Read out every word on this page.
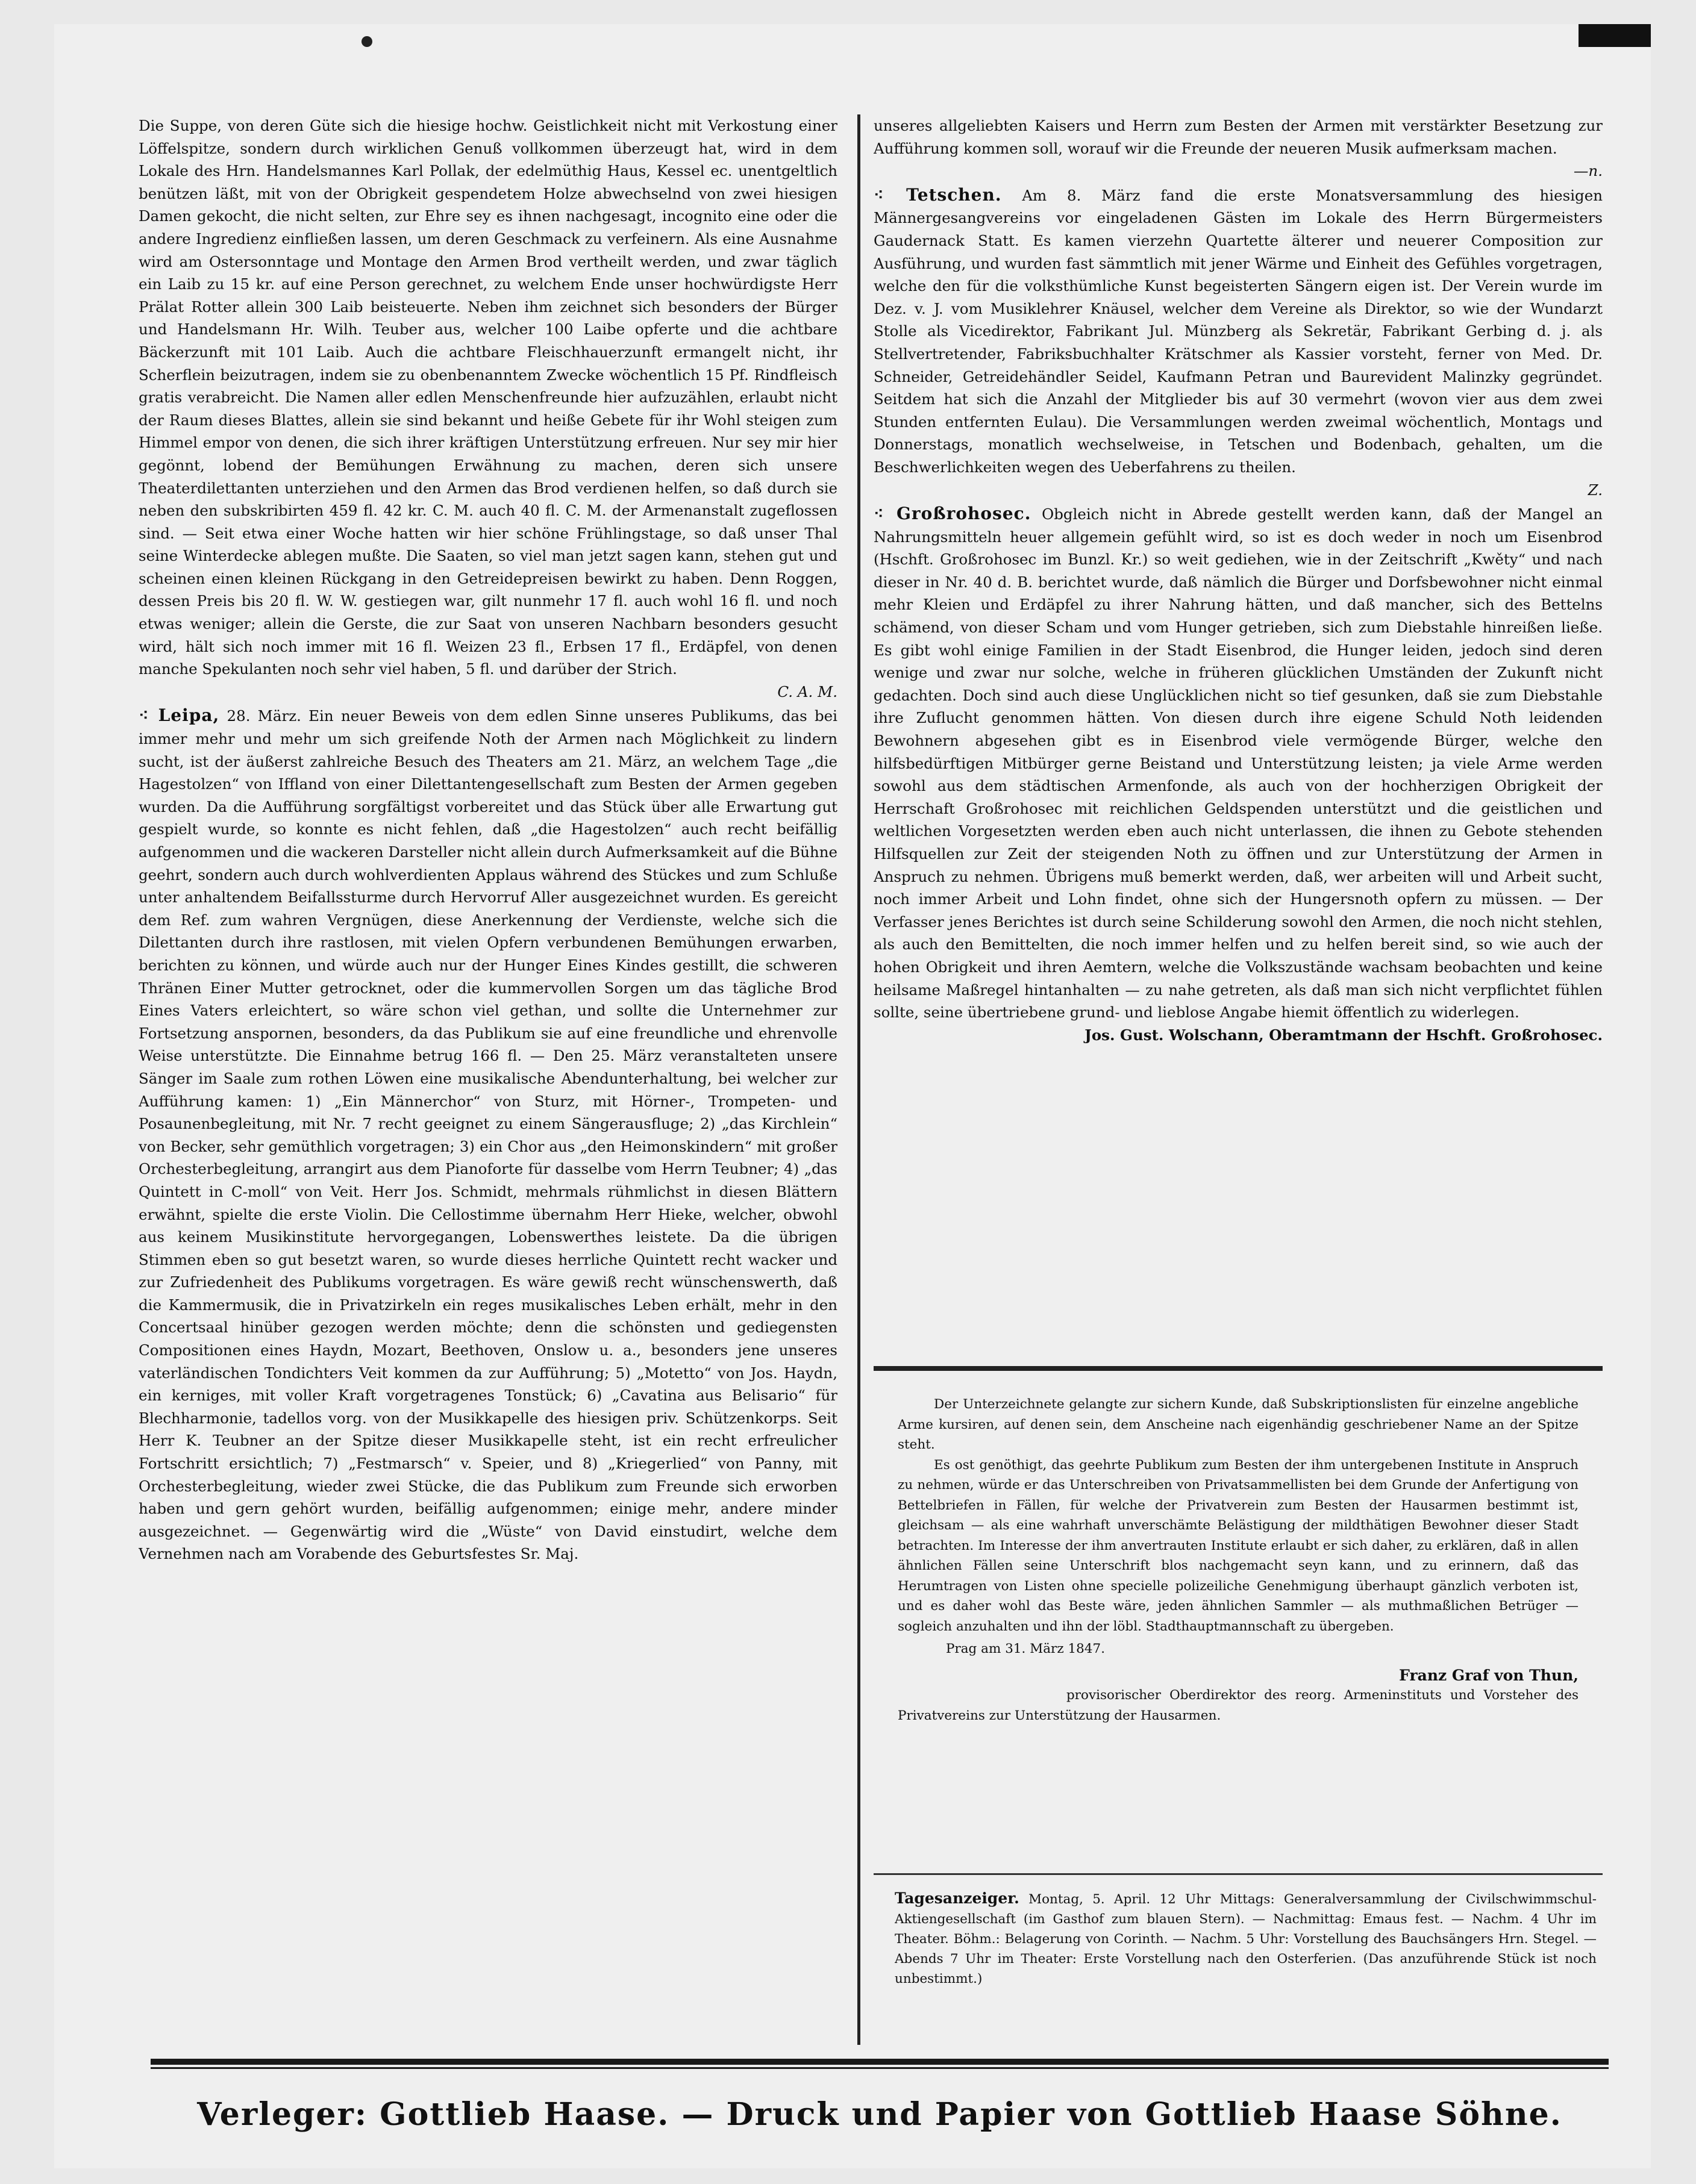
Die Suppe, von deren Güte sich die hiesige hochw. Geistlichkeit nicht mit Verkostung einer Löffelspitze, sondern durch wirklichen Genuß vollkommen überzeugt hat, wird in dem Lokale des Hrn. Handelsmannes Karl Pollak, der edelmüthig Haus, Kessel ec. unentgeltlich benützen läßt, mit von der Obrigkeit gespendetem Holze abwechselnd von zwei hiesigen Damen gekocht, die nicht selten, zur Ehre sey es ihnen nachgesagt, incognito eine oder die andere Ingredienz einfließen lassen, um deren Geschmack zu verfeinern. Als eine Ausnahme wird am Ostersonntage und Montage den Armen Brod vertheilt werden, und zwar täglich ein Laib zu 15 kr. auf eine Person gerechnet, zu welchem Ende unser hochwürdigste Herr Prälat Rotter allein 300 Laib beisteuerte. Neben ihm zeichnet sich besonders der Bürger und Handelsmann Hr. Wilh. Teuber aus, welcher 100 Laibe opferte und die achtbare Bäckerzunft mit 101 Laib. Auch die achtbare Fleischhauerzunft ermangelt nicht, ihr Scherflein beizutragen, indem sie zu obenbenanntem Zwecke wöchentlich 15 Pf. Rindfleisch gratis verabreicht. Die Namen aller edlen Menschenfreunde hier aufzuzählen, erlaubt nicht der Raum dieses Blattes, allein sie sind bekannt und heiße Gebete für ihr Wohl steigen zum Himmel empor von denen, die sich ihrer kräftigen Unterstützung erfreuen. Nur sey mir hier gegönnt, lobend der Bemühungen Erwähnung zu machen, deren sich unsere Theaterdilettanten unterziehen und den Armen das Brod verdienen helfen, so daß durch sie neben den subskribirten 459 fl. 42 kr. C. M. auch 40 fl. C. M. der Armenanstalt zugeflossen sind. — Seit etwa einer Woche hatten wir hier schöne Frühlingstage, so daß unser Thal seine Winterdecke ablegen mußte. Die Saaten, so viel man jetzt sagen kann, stehen gut und scheinen einen kleinen Rückgang in den Getreidepreisen bewirkt zu haben. Denn Roggen, dessen Preis bis 20 fl. W. W. gestiegen war, gilt nunmehr 17 fl. auch wohl 16 fl. und noch etwas weniger; allein die Gerste, die zur Saat von unseren Nachbarn besonders gesucht wird, hält sich noch immer mit 16 fl. Weizen 23 fl., Erbsen 17 fl., Erdäpfel, von denen manche Spekulanten noch sehr viel haben, 5 fl. und darüber der Strich.

C. A. M.

⁖ Leipa, 28. März. Ein neuer Beweis von dem edlen Sinne unseres Publikums, das bei immer mehr und mehr um sich greifende Noth der Armen nach Möglichkeit zu lindern sucht, ist der äußerst zahlreiche Besuch des Theaters am 21. März, an welchem Tage „die Hagestolzen“ von Iffland von einer Dilettantengesellschaft zum Besten der Armen gegeben wurden. Da die Aufführung sorgfältigst vorbereitet und das Stück über alle Erwartung gut gespielt wurde, so konnte es nicht fehlen, daß „die Hagestolzen“ auch recht beifällig aufgenommen und die wackeren Darsteller nicht allein durch Aufmerksamkeit auf die Bühne geehrt, sondern auch durch wohlverdienten Applaus während des Stückes und zum Schluße unter anhaltendem Beifallssturme durch Hervorruf Aller ausgezeichnet wurden. Es gereicht dem Ref. zum wahren Vergnügen, diese Anerkennung der Verdienste, welche sich die Dilettanten durch ihre rastlosen, mit vielen Opfern verbundenen Bemühungen erwarben, berichten zu können, und würde auch nur der Hunger Eines Kindes gestillt, die schweren Thränen Einer Mutter getrocknet, oder die kummervollen Sorgen um das tägliche Brod Eines Vaters erleichtert, so wäre schon viel gethan, und sollte die Unternehmer zur Fortsetzung anspornen, besonders, da das Publikum sie auf eine freundliche und ehrenvolle Weise unterstützte. Die Einnahme betrug 166 fl. — Den 25. März veranstalteten unsere Sänger im Saale zum rothen Löwen eine musikalische Abendunterhaltung, bei welcher zur Aufführung kamen: 1) „Ein Männerchor“ von Sturz, mit Hörner-, Trompeten- und Posaunenbegleitung, mit Nr. 7 recht geeignet zu einem Sängerausfluge; 2) „das Kirchlein“ von Becker, sehr gemüthlich vorgetragen; 3) ein Chor aus „den Heimonskindern“ mit großer Orchesterbegleitung, arrangirt aus dem Pianoforte für dasselbe vom Herrn Teubner; 4) „das Quintett in C-moll“ von Veit. Herr Jos. Schmidt, mehrmals rühmlichst in diesen Blättern erwähnt, spielte die erste Violin. Die Cellostimme übernahm Herr Hieke, welcher, obwohl aus keinem Musikinstitute hervorgegangen, Lobenswerthes leistete. Da die übrigen Stimmen eben so gut besetzt waren, so wurde dieses herrliche Quintett recht wacker und zur Zufriedenheit des Publikums vorgetragen. Es wäre gewiß recht wünschenswerth, daß die Kammermusik, die in Privatzirkeln ein reges musikalisches Leben erhält, mehr in den Concertsaal hinüber gezogen werden möchte; denn die schönsten und gediegensten Compositionen eines Haydn, Mozart, Beethoven, Onslow u. a., besonders jene unseres vaterländischen Tondichters Veit kommen da zur Aufführung; 5) „Motetto“ von Jos. Haydn, ein kerniges, mit voller Kraft vorgetragenes Tonstück; 6) „Cavatina aus Belisario“ für Blechharmonie, tadellos vorg. von der Musikkapelle des hiesigen priv. Schützenkorps. Seit Herr K. Teubner an der Spitze dieser Musikkapelle steht, ist ein recht erfreulicher Fortschritt ersichtlich; 7) „Festmarsch“ v. Speier, und 8) „Kriegerlied“ von Panny, mit Orchesterbegleitung, wieder zwei Stücke, die das Publikum zum Freunde sich erworben haben und gern gehört wurden, beifällig aufgenommen; einige mehr, andere minder ausgezeichnet. — Gegenwärtig wird die „Wüste“ von David einstudirt, welche dem Vernehmen nach am Vorabende des Geburtsfestes Sr. Maj.

unseres allgeliebten Kaisers und Herrn zum Besten der Armen mit verstärkter Besetzung zur Aufführung kommen soll, worauf wir die Freunde der neueren Musik aufmerksam machen.

—n.

⁖ Tetschen. Am 8. März fand die erste Monatsversammlung des hiesigen Männergesangvereins vor eingeladenen Gästen im Lokale des Herrn Bürgermeisters Gaudernack Statt. Es kamen vierzehn Quartette älterer und neuerer Composition zur Ausführung, und wurden fast sämmtlich mit jener Wärme und Einheit des Gefühles vorgetragen, welche den für die volksthümliche Kunst begeisterten Sängern eigen ist. Der Verein wurde im Dez. v. J. vom Musiklehrer Knäusel, welcher dem Vereine als Direktor, so wie der Wundarzt Stolle als Vicedirektor, Fabrikant Jul. Münzberg als Sekretär, Fabrikant Gerbing d. j. als Stellvertretender, Fabriksbuchhalter Krätschmer als Kassier vorsteht, ferner von Med. Dr. Schneider, Getreidehändler Seidel, Kaufmann Petran und Baurevident Malinzky gegründet. Seitdem hat sich die Anzahl der Mitglieder bis auf 30 vermehrt (wovon vier aus dem zwei Stunden entfernten Eulau). Die Versammlungen werden zweimal wöchentlich, Montags und Donnerstags, monatlich wechselweise, in Tetschen und Bodenbach, gehalten, um die Beschwerlichkeiten wegen des Ueberfahrens zu theilen.

Z.

⁖ Großrohosec. Obgleich nicht in Abrede gestellt werden kann, daß der Mangel an Nahrungsmitteln heuer allgemein gefühlt wird, so ist es doch weder in noch um Eisenbrod (Hschft. Großrohosec im Bunzl. Kr.) so weit gediehen, wie in der Zeitschrift „Kwěty“ und nach dieser in Nr. 40 d. B. berichtet wurde, daß nämlich die Bürger und Dorfsbewohner nicht einmal mehr Kleien und Erdäpfel zu ihrer Nahrung hätten, und daß mancher, sich des Bettelns schämend, von dieser Scham und vom Hunger getrieben, sich zum Diebstahle hinreißen ließe. Es gibt wohl einige Familien in der Stadt Eisenbrod, die Hunger leiden, jedoch sind deren wenige und zwar nur solche, welche in früheren glücklichen Umständen der Zukunft nicht gedachten. Doch sind auch diese Unglücklichen nicht so tief gesunken, daß sie zum Diebstahle ihre Zuflucht genommen hätten. Von diesen durch ihre eigene Schuld Noth leidenden Bewohnern abgesehen gibt es in Eisenbrod viele vermögende Bürger, welche den hilfsbedürftigen Mitbürger gerne Beistand und Unterstützung leisten; ja viele Arme werden sowohl aus dem städtischen Armenfonde, als auch von der hochherzigen Obrigkeit der Herrschaft Großrohosec mit reichlichen Geldspenden unterstützt und die geistlichen und weltlichen Vorgesetzten werden eben auch nicht unterlassen, die ihnen zu Gebote stehenden Hilfsquellen zur Zeit der steigenden Noth zu öffnen und zur Unterstützung der Armen in Anspruch zu nehmen. Übrigens muß bemerkt werden, daß, wer arbeiten will und Arbeit sucht, noch immer Arbeit und Lohn findet, ohne sich der Hungersnoth opfern zu müssen. — Der Verfasser jenes Berichtes ist durch seine Schilderung sowohl den Armen, die noch nicht stehlen, als auch den Bemittelten, die noch immer helfen und zu helfen bereit sind, so wie auch der hohen Obrigkeit und ihren Aemtern, welche die Volkszustände wachsam beobachten und keine heilsame Maßregel hintanhalten — zu nahe getreten, als daß man sich nicht verpflichtet fühlen sollte, seine übertriebene grund- und lieblose Angabe hiemit öffentlich zu widerlegen.

Jos. Gust. Wolschann, Oberamtmann der Hschft. Großrohosec.

Der Unterzeichnete gelangte zur sichern Kunde, daß Subskriptionslisten für einzelne angebliche Arme kursiren, auf denen sein, dem Anscheine nach eigenhändig geschriebener Name an der Spitze steht.

Es ost genöthigt, das geehrte Publikum zum Besten der ihm untergebenen Institute in Anspruch zu nehmen, würde er das Unterschreiben von Privatsammellisten bei dem Grunde der Anfertigung von Bettelbriefen in Fällen, für welche der Privatverein zum Besten der Hausarmen bestimmt ist, gleichsam — als eine wahrhaft unverschämte Belästigung der mildthätigen Bewohner dieser Stadt betrachten. Im Interesse der ihm anvertrauten Institute erlaubt er sich daher, zu erklären, daß in allen ähnlichen Fällen seine Unterschrift blos nachgemacht seyn kann, und zu erinnern, daß das Herumtragen von Listen ohne specielle polizeiliche Genehmigung überhaupt gänzlich verboten ist, und es daher wohl das Beste wäre, jeden ähnlichen Sammler — als muthmaßlichen Betrüger — sogleich anzuhalten und ihn der löbl. Stadthauptmannschaft zu übergeben.

Prag am 31. März 1847.

Franz Graf von Thun,

provisorischer Oberdirektor des reorg. Armeninstituts und Vorsteher des Privatvereins zur Unterstützung der Hausarmen.

Tagesanzeiger. Montag, 5. April. 12 Uhr Mittags: Generalversammlung der Civilschwimmschul-Aktiengesellschaft (im Gasthof zum blauen Stern). — Nachmittag: Emaus fest. — Nachm. 4 Uhr im Theater. Böhm.: Belagerung von Corinth. — Nachm. 5 Uhr: Vorstellung des Bauchsängers Hrn. Stegel. — Abends 7 Uhr im Theater: Erste Vorstellung nach den Osterferien. (Das anzuführende Stück ist noch unbestimmt.)
Verleger: Gottlieb Haase. — Druck und Papier von Gottlieb Haase Söhne.
